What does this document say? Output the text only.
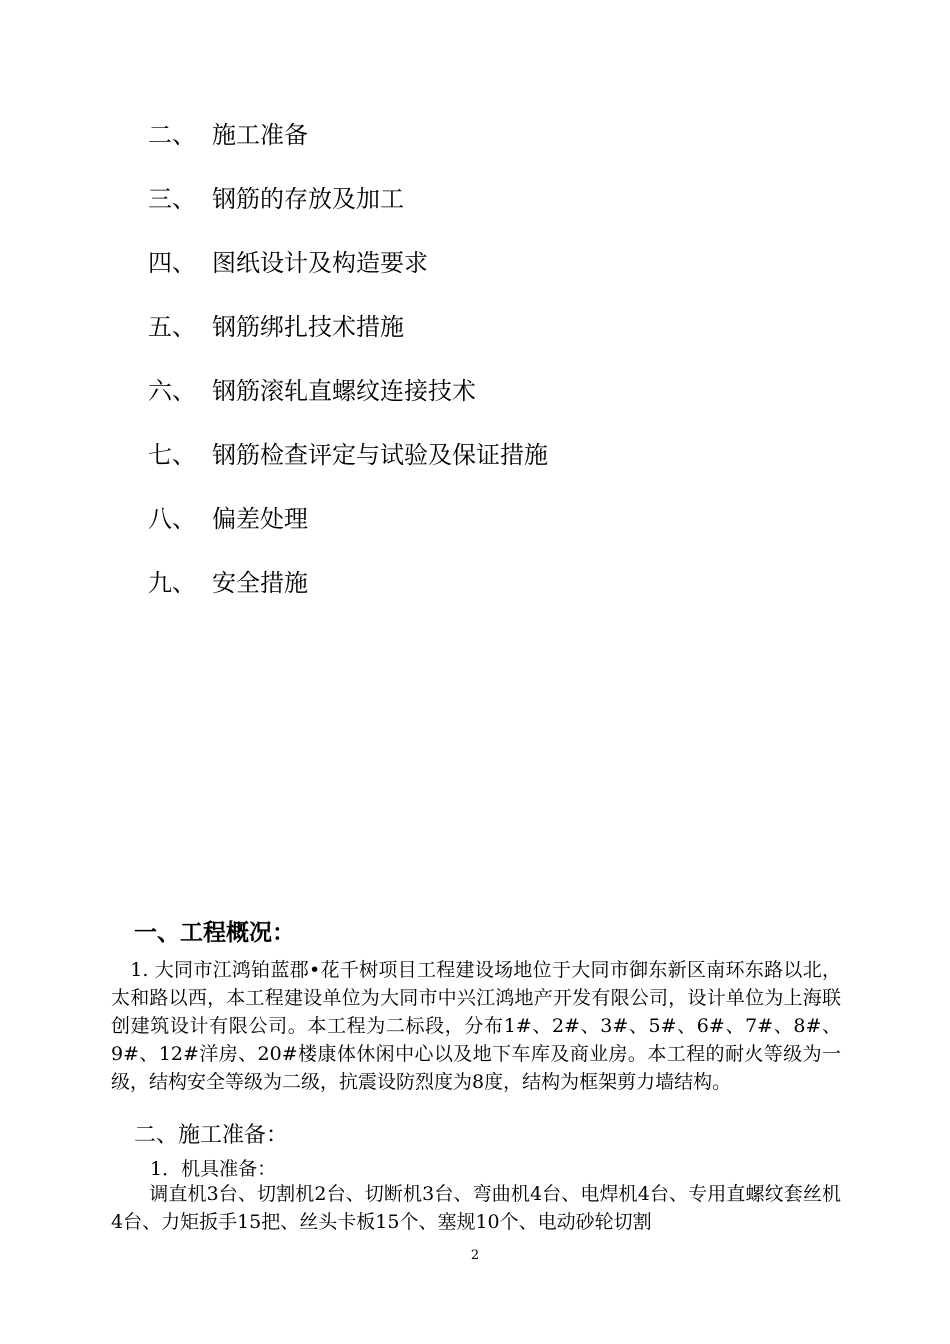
二、 施工准备
三、 钢筋的存放及加工
四、 图纸设计及构造要求
五、 钢筋绑扎技术措施
六、 钢筋滚轧直螺纹连接技术
七、 钢筋检查评定与试验及保证措施
八、 偏差处理
九、 安全措施
一、工程概况：
　1. 大同市江鸿铂蓝郡•花千树项目工程建设场地位于大同市御东新区南环东路以北，太和路以西，本工程建设单位为大同市中兴江鸿地产开发有限公司，设计单位为上海联创建筑设计有限公司。本工程为二标段，分布1#、2#、3#、5#、6#、7#、8#、9#、12#洋房、20#楼康体休闲中心以及地下车库及商业房。本工程的耐火等级为一级，结构安全等级为二级，抗震设防烈度为8度，结构为框架剪力墙结构。
二、施工准备：
1．机具准备：
　　调直机3台、切割机2台、切断机3台、弯曲机4台、电焊机4台、专用直螺纹套丝机4台、力矩扳手15把、丝头卡板15个、塞规10个、电动砂轮切割
2
